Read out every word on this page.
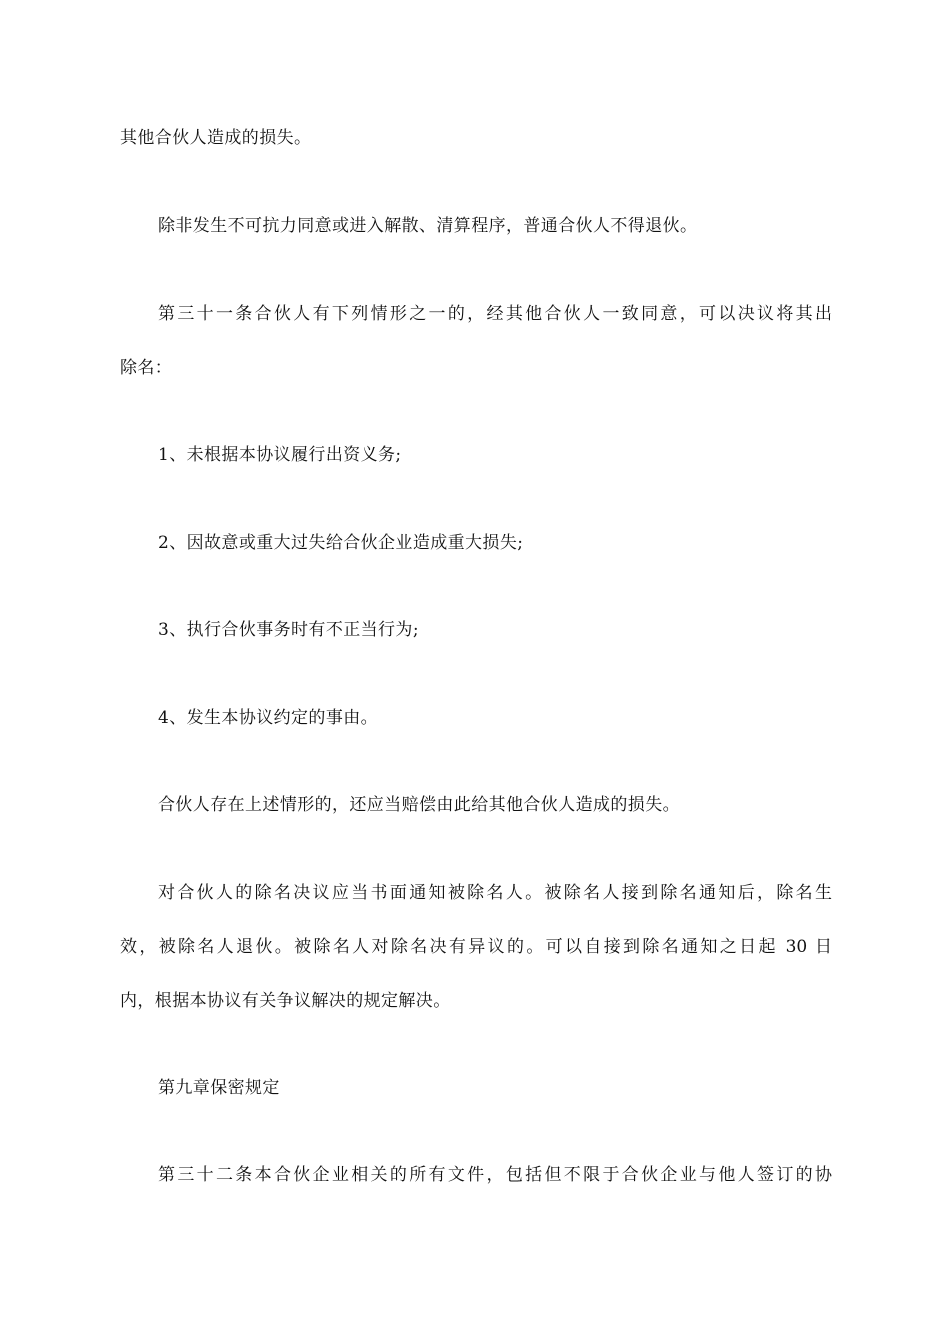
其他合伙人造成的损失。
除非发生不可抗力同意或进入解散、清算程序，普通合伙人不得退伙。
第三十一条合伙人有下列情形之一的，经其他合伙人一致同意，可以决议将其出
除名：
1、未根据本协议履行出资义务;
2、因故意或重大过失给合伙企业造成重大损失;
3、执行合伙事务时有不正当行为;
4、发生本协议约定的事由。
合伙人存在上述情形的，还应当赔偿由此给其他合伙人造成的损失。
对合伙人的除名决议应当书面通知被除名人。被除名人接到除名通知后，除名生
效，被除名人退伙。被除名人对除名决有异议的。可以自接到除名通知之日起 30 日
内，根据本协议有关争议解决的规定解决。
第九章保密规定
第三十二条本合伙企业相关的所有文件，包括但不限于合伙企业与他人签订的协
